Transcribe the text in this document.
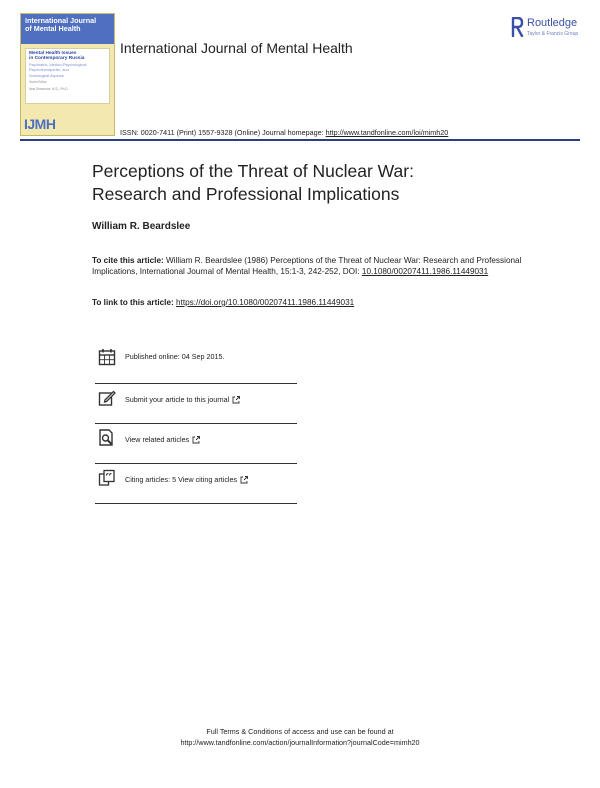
International Journal
of Mental Health
Mental Health Issues
in Contemporary Russia
Psychiatric, Medico-Psychological,
Psychotherapeutic, and
Sociological Aspects
Guest Editor
Irina Simonova, M.D., Ph.D.
IJMH
International Journal of Mental Health
Routledge
Taylor & Francis Group
ISSN: 0020-7411 (Print) 1557-9328 (Online) Journal homepage: http://www.tandfonline.com/loi/mimh20
Perceptions of the Threat of Nuclear War:
Research and Professional Implications
William R. Beardslee
To cite this article: William R. Beardslee (1986) Perceptions of the Threat of Nuclear War: Research and Professional Implications, International Journal of Mental Health, 15:1-3, 242-252, DOI: 10.1080/00207411.1986.11449031
To link to this article: https://doi.org/10.1080/00207411.1986.11449031
Published online: 04 Sep 2015.
Submit your article to this journal
View related articles
Citing articles: 5 View citing articles
Full Terms & Conditions of access and use can be found at
http://www.tandfonline.com/action/journalInformation?journalCode=mimh20
